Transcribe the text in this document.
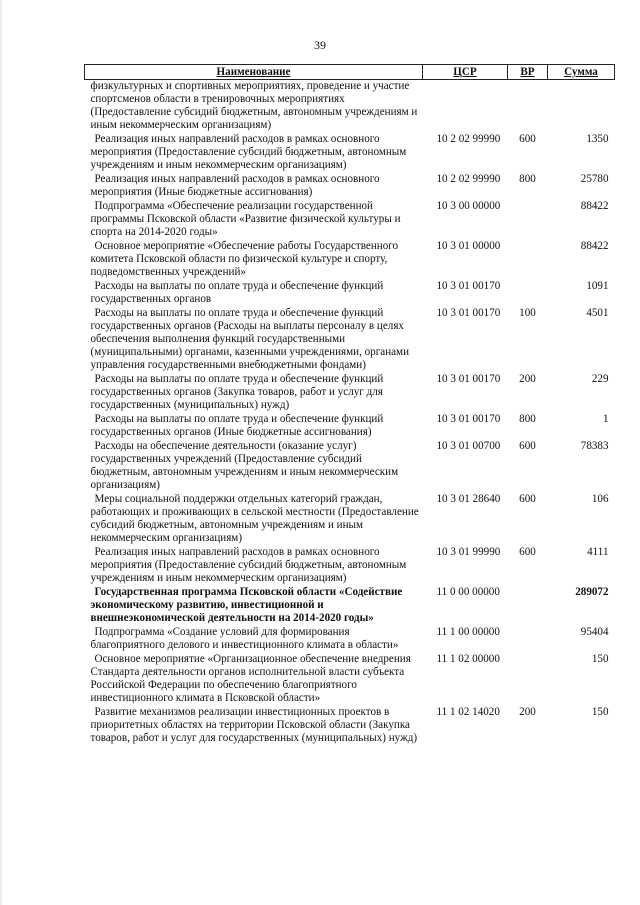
39
Наименование	ЦСР	ВР	Сумма
физкультурных и спортивных мероприятиях, проведение и участие спортсменов области в тренировочных мероприятиях (Предоставление субсидий бюджетным, автономным учреждениям и иным некоммерческим организациям)			
Реализация иных направлений расходов в рамках основного мероприятия (Предоставление субсидий бюджетным, автономным учреждениям и иным некоммерческим организациям)	10 2 02 99990	600	1350
Реализация иных направлений расходов в рамках основного мероприятия (Иные бюджетные ассигнования)	10 2 02 99990	800	25780
Подпрограмма «Обеспечение реализации государственной программы Псковской области «Развитие физической культуры и спорта на 2014-2020 годы»	10 3 00 00000		88422
Основное мероприятие «Обеспечение работы Государственного комитета Псковской области по физической культуре и спорту, подведомственных учреждений»	10 3 01 00000		88422
Расходы на выплаты по оплате труда и обеспечение функций государственных органов	10 3 01 00170		1091
Расходы на выплаты по оплате труда и обеспечение функций государственных органов (Расходы на выплаты персоналу в целях обеспечения выполнения функций государственными (муниципальными) органами, казенными учреждениями, органами управления государственными внебюджетными фондами)	10 3 01 00170	100	4501
Расходы на выплаты по оплате труда и обеспечение функций государственных органов (Закупка товаров, работ и услуг для государственных (муниципальных) нужд)	10 3 01 00170	200	229
Расходы на выплаты по оплате труда и обеспечение функций государственных органов (Иные бюджетные ассигнования)	10 3 01 00170	800	1
Расходы на обеспечение деятельности (оказание услуг) государственных учреждений (Предоставление субсидий бюджетным, автономным учреждениям и иным некоммерческим организациям)	10 3 01 00700	600	78383
Меры социальной поддержки отдельных категорий граждан, работающих и проживающих в сельской местности (Предоставление субсидий бюджетным, автономным учреждениям и иным некоммерческим организациям)	10 3 01 28640	600	106
Реализация иных направлений расходов в рамках основного мероприятия (Предоставление субсидий бюджетным, автономным учреждениям и иным некоммерческим организациям)	10 3 01 99990	600	4111
Государственная программа Псковской области «Содействие экономическому развитию, инвестиционной и внешнеэкономической деятельности на 2014-2020 годы»	11 0 00 00000		289072
Подпрограмма «Создание условий для формирования благоприятного делового и инвестиционного климата в области»	11 1 00 00000		95404
Основное мероприятие «Организационное обеспечение внедрения Стандарта деятельности органов исполнительной власти субъекта Российской Федерации по обеспечению благоприятного инвестиционного климата в Псковской области»	11 1 02 00000		150
Развитие механизмов реализации инвестиционных проектов в приоритетных областях на территории Псковской области (Закупка товаров, работ и услуг для государственных (муниципальных) нужд)	11 1 02 14020	200	150
